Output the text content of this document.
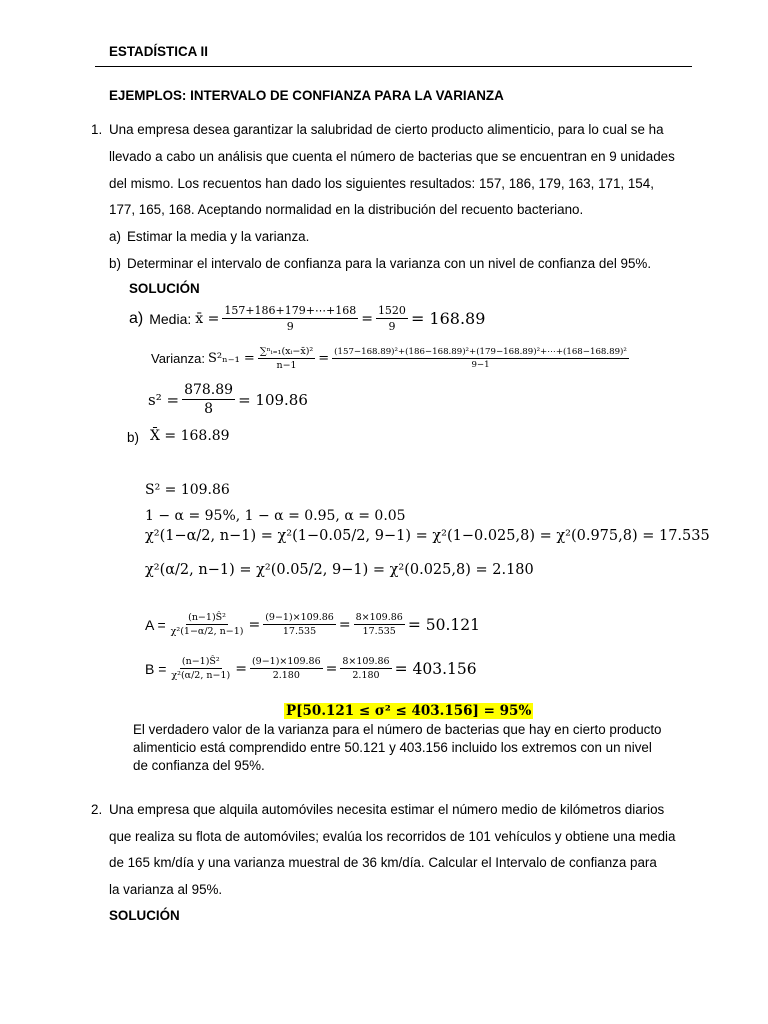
ESTADÍSTICA II
EJEMPLOS: INTERVALO DE CONFIANZA PARA LA VARIANZA
1. Una empresa desea garantizar la salubridad de cierto producto alimenticio, para lo cual se ha
llevado a cabo un análisis que cuenta el número de bacterias que se encuentran en 9 unidades
del mismo. Los recuentos han dado los siguientes resultados: 157, 186, 179, 163, 171, 154,
177, 165, 168. Aceptando normalidad en la distribución del recuento bacteriano.
a) Estimar la media y la varianza.
b) Determinar el intervalo de confianza para la varianza con un nivel de confianza del 95%.
SOLUCIÓN
a) Media: x̄ = $\frac{157+186+179+\cdots+168}{9} = \frac{1520}{9} = 168.89$
Varianza: $S^2_{n-1} = \frac{\text{∑ⁿᵢ₌₁(xᵢ−x̄)²}}{n-1} = \frac{\text{(157−168.89)²+(186−168.89)²+(179−168.89)²+⋯+(168−168.89)²}}{9-1}$
$s^2 = \frac{878.89}{8} = 109.86$
b) X̄ = 168.89
S² = 109.86
1 − α = 95%, 1 − α = 0.95, α = 0.05
χ²(1−α/2, n−1) = χ²(1−0.05/2, 9−1) = χ²(1−0.025,8) = χ²(0.975,8) = 17.535
χ²(α/2, n−1) = χ²(0.05/2, 9−1) = χ²(0.025,8) = 2.180
$A = \frac{\text{(n−1)Ŝ²}}{\text{χ²(1−α/2, n−1)}} = \frac{(9-1)\times 109.86}{17.535} = \frac{8\times 109.86}{17.535} = 50.121$
$B = \frac{\text{(n−1)Ŝ²}}{\text{χ²(α/2, n−1)}} = \frac{(9-1)\times 109.86}{2.180} = \frac{8\times 109.86}{2.180} = 403.156$
P[50.121 ≤ σ² ≤ 403.156] = 95%
El verdadero valor de la varianza para el número de bacterias que hay en cierto producto
alimenticio está comprendido entre 50.121 y 403.156 incluido los extremos con un nivel
de confianza del 95%.
2. Una empresa que alquila automóviles necesita estimar el número medio de kilómetros diarios
que realiza su flota de automóviles; evalúa los recorridos de 101 vehículos y obtiene una media
de 165 km/día y una varianza muestral de 36 km/día. Calcular el Intervalo de confianza para
la varianza al 95%.
SOLUCIÓN
